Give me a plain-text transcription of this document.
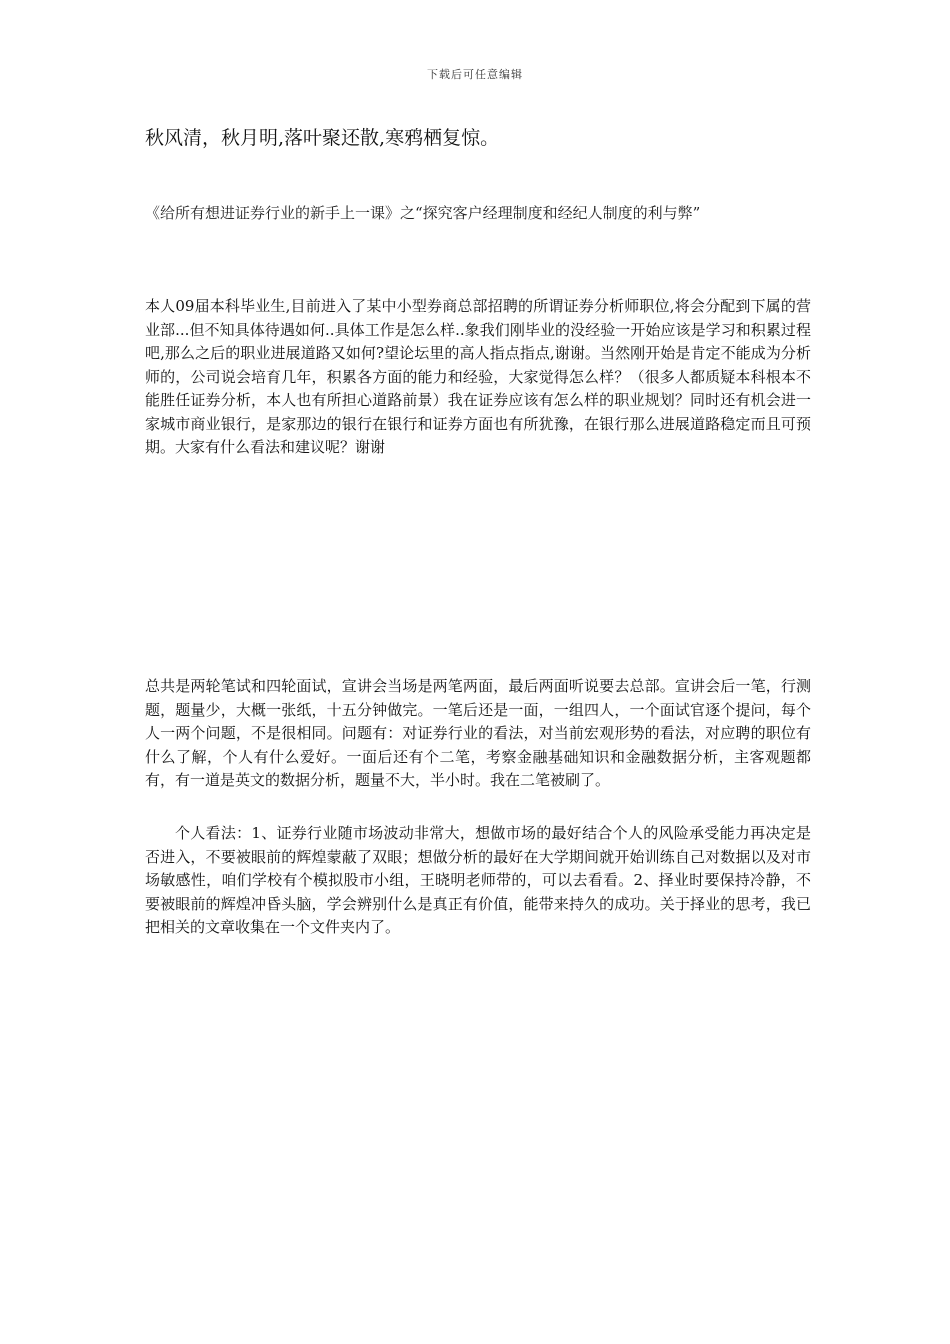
下载后可任意编辑
秋风清，秋月明,落叶聚还散,寒鸦栖复惊。
《给所有想进证券行业的新手上一课》之“探究客户经理制度和经纪人制度的利与弊”

本人09届本科毕业生,目前进入了某中小型券商总部招聘的所谓证券分析师职位,将会分配到下属的营业部...但不知具体待遇如何..具体工作是怎么样..象我们刚毕业的没经验一开始应该是学习和积累过程吧,那么之后的职业进展道路又如何?望论坛里的高人指点指点,谢谢。当然刚开始是肯定不能成为分析师的，公司说会培育几年，积累各方面的能力和经验，大家觉得怎么样？（很多人都质疑本科根本不能胜任证券分析，本人也有所担心道路前景）我在证券应该有怎么样的职业规划？同时还有机会进一家城市商业银行，是家那边的银行在银行和证券方面也有所犹豫，在银行那么进展道路稳定而且可预期。大家有什么看法和建议呢？谢谢

总共是两轮笔试和四轮面试，宣讲会当场是两笔两面，最后两面听说要去总部。宣讲会后一笔，行测题，题量少，大概一张纸，十五分钟做完。一笔后还是一面，一组四人，一个面试官逐个提问，每个人一两个问题，不是很相同。问题有：对证券行业的看法，对当前宏观形势的看法，对应聘的职位有什么了解，个人有什么爱好。一面后还有个二笔，考察金融基础知识和金融数据分析，主客观题都有，有一道是英文的数据分析，题量不大，半小时。我在二笔被刷了。

个人看法：1、证券行业随市场波动非常大，想做市场的最好结合个人的风险承受能力再决定是否进入，不要被眼前的辉煌蒙蔽了双眼；想做分析的最好在大学期间就开始训练自己对数据以及对市场敏感性，咱们学校有个模拟股市小组，王晓明老师带的，可以去看看。2、择业时要保持冷静，不要被眼前的辉煌冲昏头脑，学会辨别什么是真正有价值，能带来持久的成功。关于择业的思考，我已把相关的文章收集在一个文件夹内了。
